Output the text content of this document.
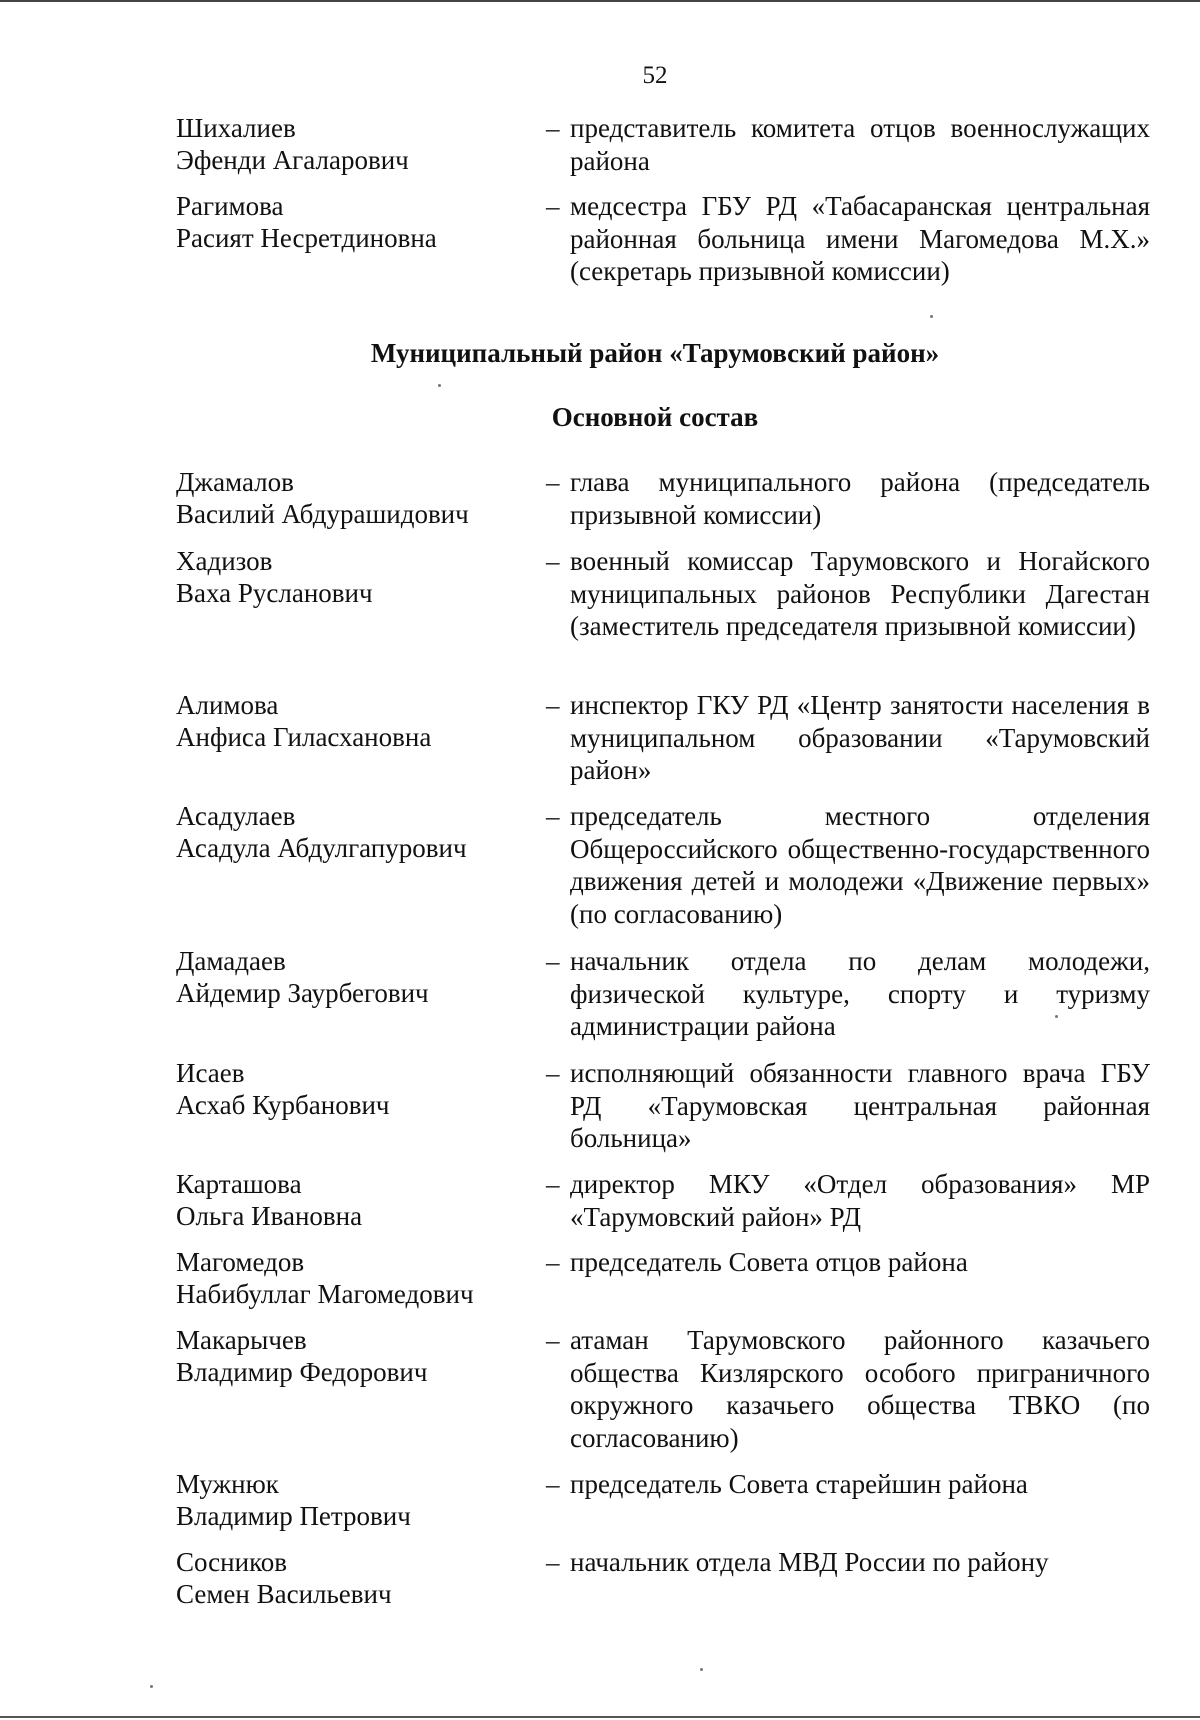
52
Шихалиев
Эфенди Агаларович
– представитель комитета отцов военнослужащих района
Рагимова
Расият Несретдиновна
– медсестра ГБУ РД «Табасаранская центральная районная больница имени Магомедова М.Х.» (секретарь призывной комиссии)
Муниципальный район «Тарумовский район»
Основной состав
Джамалов
Василий Абдурашидович
– глава муниципального района (председатель призывной комиссии)
Хадизов
Ваха Русланович
– военный комиссар Тарумовского и Ногайского муниципальных районов Республики Дагестан (заместитель председателя призывной комиссии)
Алимова
Анфиса Гиласхановна
– инспектор ГКУ РД «Центр занятости населения в муниципальном образовании «Тарумовский район»
Асадулаев
Асадула Абдулгапурович
– председатель местного отделения Общероссийского общественно-государственного движения детей и молодежи «Движение первых» (по согласованию)
Дамадаев
Айдемир Заурбегович
– начальник отдела по делам молодежи, физической культуре, спорту и туризму администрации района
Исаев
Асхаб Курбанович
– исполняющий обязанности главного врача ГБУ РД «Тарумовская центральная районная больница»
Карташова
Ольга Ивановна
– директор МКУ «Отдел образования» МР «Тарумовский район» РД
Магомедов
Набибуллаг Магомедович
– председатель Совета отцов района
Макарычев
Владимир Федорович
– атаман Тарумовского районного казачьего общества Кизлярского особого приграничного окружного казачьего общества ТВКО (по согласованию)
Мужнюк
Владимир Петрович
– председатель Совета старейшин района
Сосников
Семен Васильевич
– начальник отдела МВД России по району
